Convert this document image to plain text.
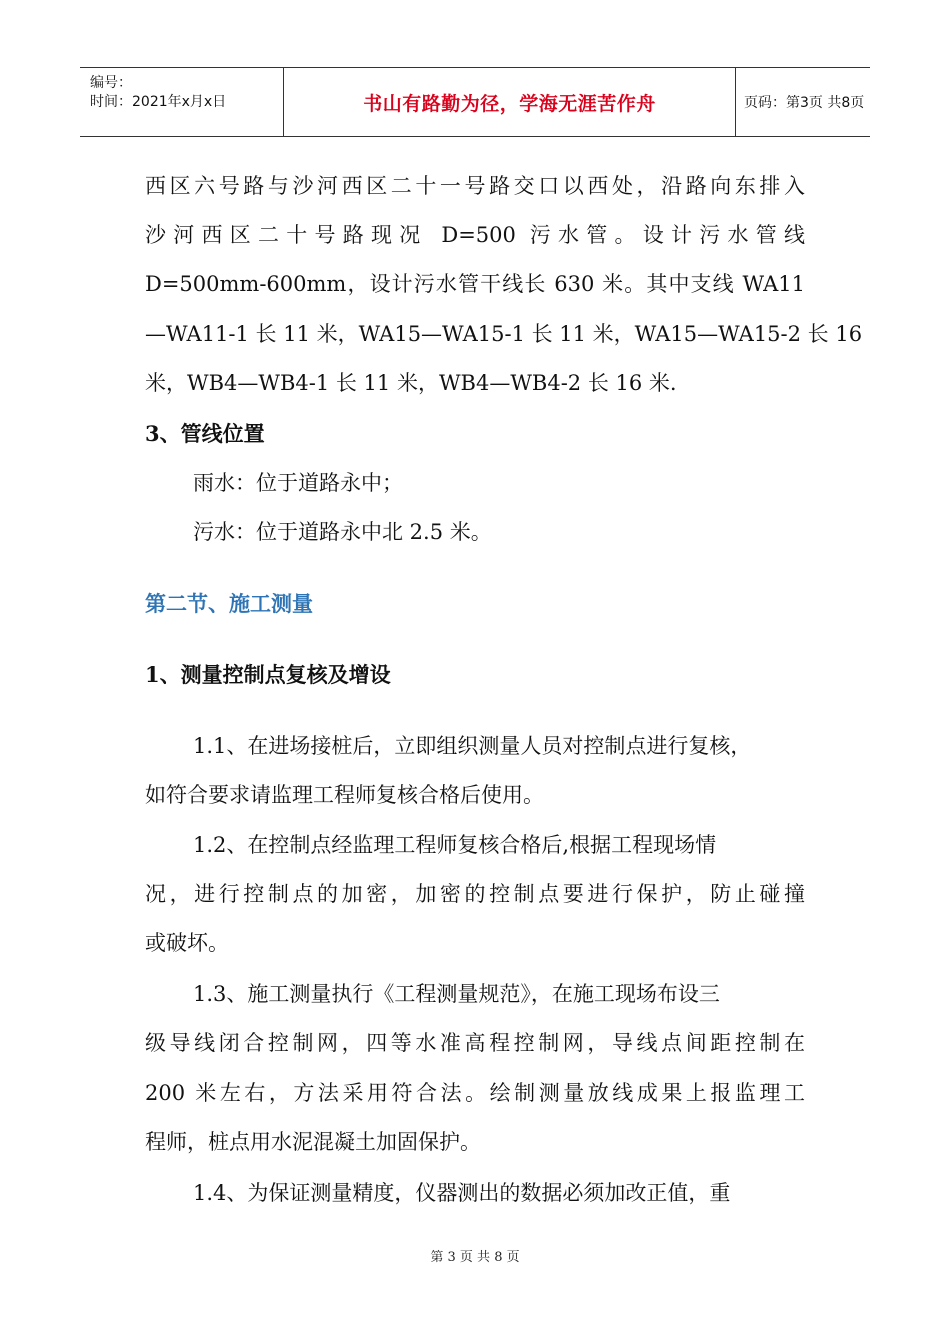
编号：
时间：2021年x月x日	书山有路勤为径，学海无涯苦作舟	页码：第3页 共8页
西区六号路与沙河西区二十一号路交口以西处，沿路向东排入
沙河西区二十号路现况 D=500 污水管。设计污水管线
D=500mm-600mm，设计污水管干线长 630 米。其中支线 WA11
—WA11-1 长 11 米，WA15—WA15-1 长 11 米，WA15—WA15-2 长 16
米，WB4—WB4-1 长 11 米，WB4—WB4-2 长 16 米.
3、管线位置
雨水：位于道路永中；
污水：位于道路永中北 2.5 米。
第二节、施工测量
1、测量控制点复核及增设
1.1、在进场接桩后，立即组织测量人员对控制点进行复核，
如符合要求请监理工程师复核合格后使用。
1.2、在控制点经监理工程师复核合格后,根据工程现场情
况，进行控制点的加密，加密的控制点要进行保护，防止碰撞
或破坏。
1.3、施工测量执行《工程测量规范》，在施工现场布设三
级导线闭合控制网，四等水准高程控制网，导线点间距控制在
200 米左右，方法采用符合法。绘制测量放线成果上报监理工
程师，桩点用水泥混凝土加固保护。
1.4、为保证测量精度，仪器测出的数据必须加改正值，重
第 3 页 共 8 页
